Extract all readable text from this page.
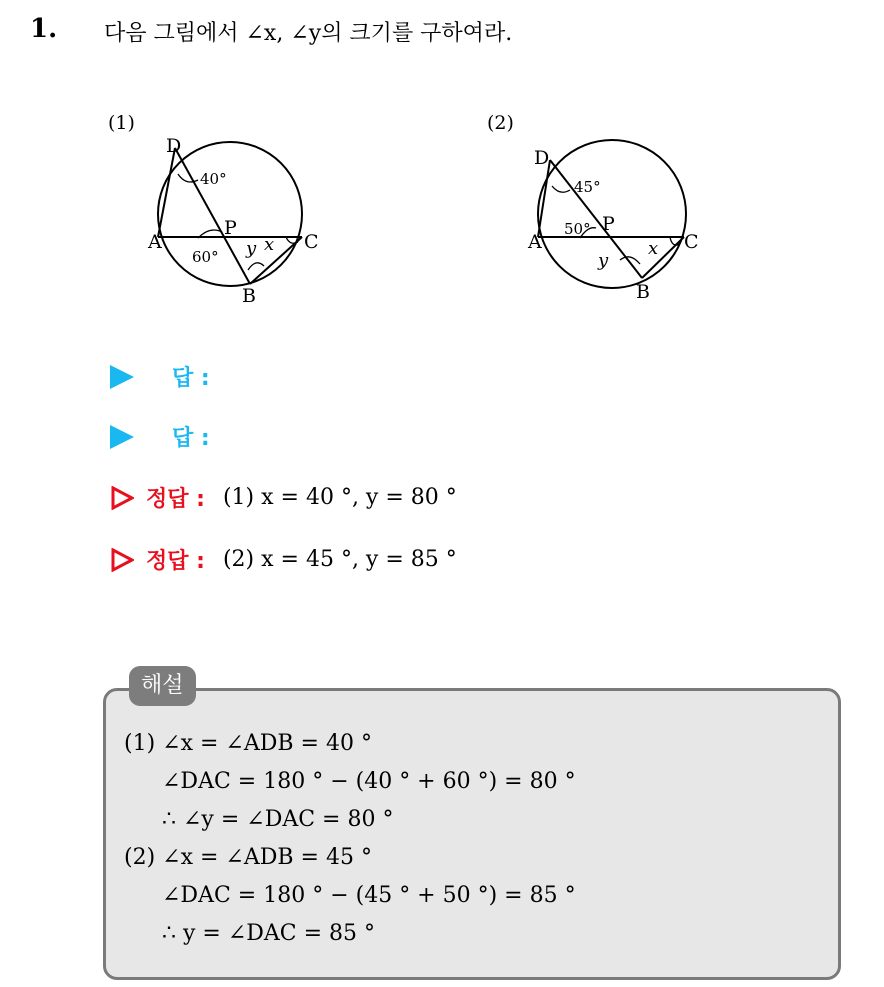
1. 다음 그림에서 ∠x, ∠y의 크기를 구하여라.
(1)
D
A
P
C
B
40°
60° y x
(2)
D
A
P
C
B
45°
50°
y
x
답 :
답 :
정답 : (1) x = 40 °, y = 80 °
정답 : (2) x = 45 °, y = 85 °
(1) ∠x = ∠ADB = 40 °
∠DAC = 180 ° − (40 ° + 60 °) = 80 °
∴ ∠y = ∠DAC = 80 °
(2) ∠x = ∠ADB = 45 °
∠DAC = 180 ° − (45 ° + 50 °) = 85 °
∴ y = ∠DAC = 85 °
해설
